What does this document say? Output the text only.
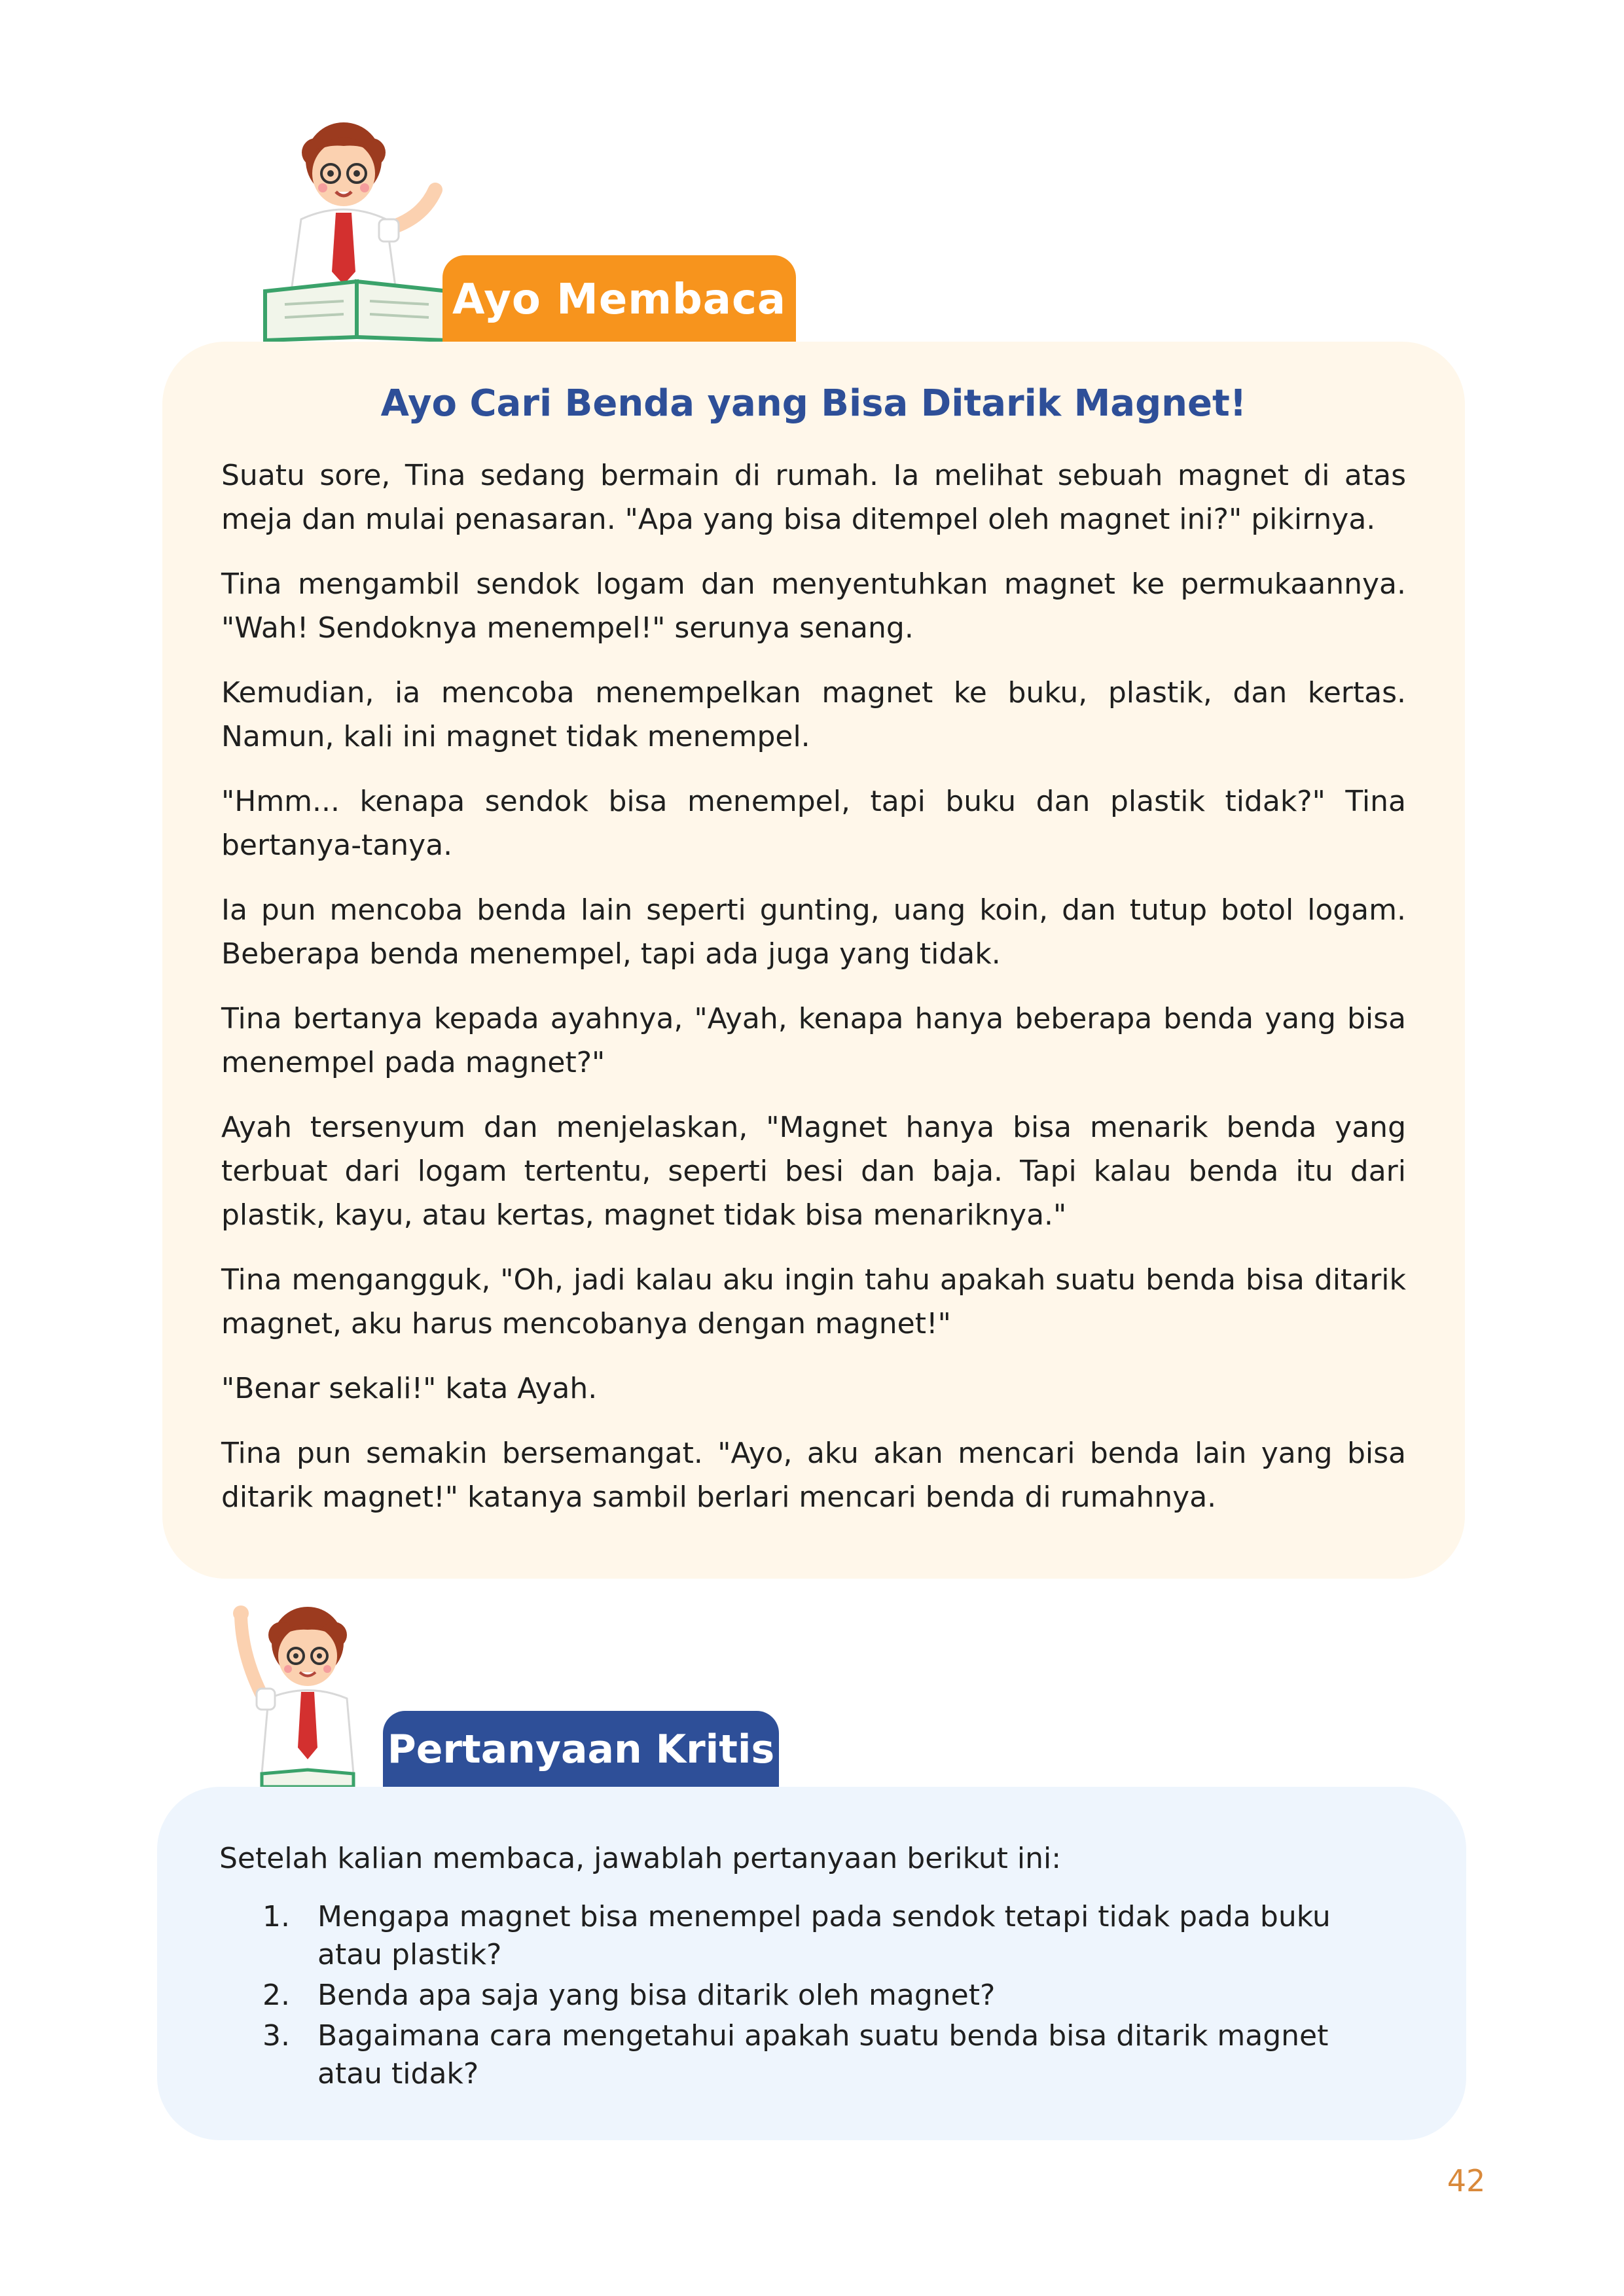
Ayo Membaca
Ayo Cari Benda yang Bisa Ditarik Magnet!

Suatu sore, Tina sedang bermain di rumah. Ia melihat sebuah magnet di atas meja dan mulai penasaran. "Apa yang bisa ditempel oleh magnet ini?" pikirnya.

Tina mengambil sendok logam dan menyentuhkan magnet ke permukaannya. "Wah! Sendoknya menempel!" serunya senang.

Kemudian, ia mencoba menempelkan magnet ke buku, plastik, dan kertas. Namun, kali ini magnet tidak menempel.

"Hmm... kenapa sendok bisa menempel, tapi buku dan plastik tidak?" Tina bertanya-tanya.

Ia pun mencoba benda lain seperti gunting, uang koin, dan tutup botol logam. Beberapa benda menempel, tapi ada juga yang tidak.

Tina bertanya kepada ayahnya, "Ayah, kenapa hanya beberapa benda yang bisa menempel pada magnet?"

Ayah tersenyum dan menjelaskan, "Magnet hanya bisa menarik benda yang terbuat dari logam tertentu, seperti besi dan baja. Tapi kalau benda itu dari plastik, kayu, atau kertas, magnet tidak bisa menariknya."

Tina mengangguk, "Oh, jadi kalau aku ingin tahu apakah suatu benda bisa ditarik magnet, aku harus mencobanya dengan magnet!"

"Benar sekali!" kata Ayah.

Tina pun semakin bersemangat. "Ayo, aku akan mencari benda lain yang bisa ditarik magnet!" katanya sambil berlari mencari benda di rumahnya.

Pertanyaan Kritis

Setelah kalian membaca, jawablah pertanyaan berikut ini:

1. Mengapa magnet bisa menempel pada sendok tetapi tidak pada buku atau plastik?
2. Benda apa saja yang bisa ditarik oleh magnet?
3. Bagaimana cara mengetahui apakah suatu benda bisa ditarik magnet atau tidak?
42
